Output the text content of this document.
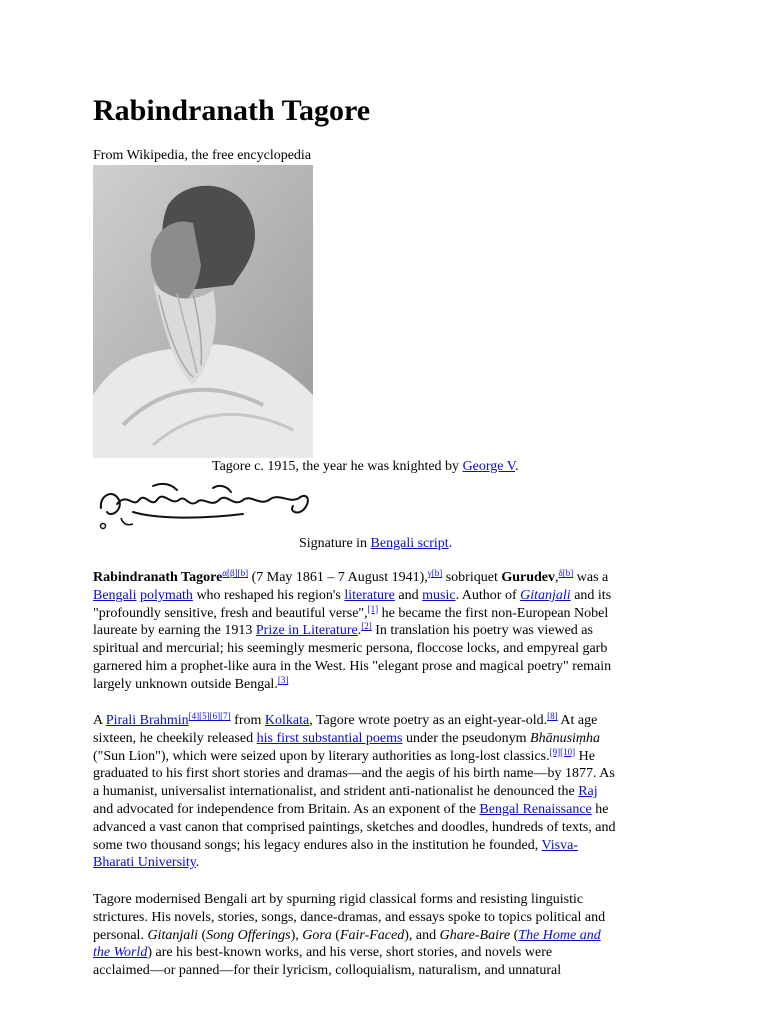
Rabindranath Tagore
From Wikipedia, the free encyclopedia
Tagore c. 1915, the year he was knighted by George V.
Signature in Bengali script.
Rabindranath Tagore$^{\alpha[\beta][b]}$ (7 May 1861 – 7 August 1941),$^{\gamma[b]}$ sobriquet Gurudev,$^{\delta[b]}$ was a
Bengali polymath who reshaped his region's literature and music. Author of Gitanjali and its
"profoundly sensitive, fresh and beautiful verse",[1] he became the first non-European Nobel
laureate by earning the 1913 Prize in Literature.[2] In translation his poetry was viewed as
spiritual and mercurial; his seemingly mesmeric persona, floccose locks, and empyreal garb
garnered him a prophet-like aura in the West. His "elegant prose and magical poetry" remain
largely unknown outside Bengal.[3]
A Pirali Brahmin[4][5][6][7] from Kolkata, Tagore wrote poetry as an eight-year-old.[8] At age
sixteen, he cheekily released his first substantial poems under the pseudonym Bhānusiṃha
("Sun Lion"), which were seized upon by literary authorities as long-lost classics.[9][10] He
graduated to his first short stories and dramas—and the aegis of his birth name—by 1877. As
a humanist, universalist internationalist, and strident anti-nationalist he denounced the Raj
and advocated for independence from Britain. As an exponent of the Bengal Renaissance he
advanced a vast canon that comprised paintings, sketches and doodles, hundreds of texts, and
some two thousand songs; his legacy endures also in the institution he founded, Visva-
Bharati University.
Tagore modernised Bengali art by spurning rigid classical forms and resisting linguistic
strictures. His novels, stories, songs, dance-dramas, and essays spoke to topics political and
personal. Gitanjali (Song Offerings), Gora (Fair-Faced), and Ghare-Baire (The Home and
the World) are his best-known works, and his verse, short stories, and novels were
acclaimed—or panned—for their lyricism, colloquialism, naturalism, and unnatural
